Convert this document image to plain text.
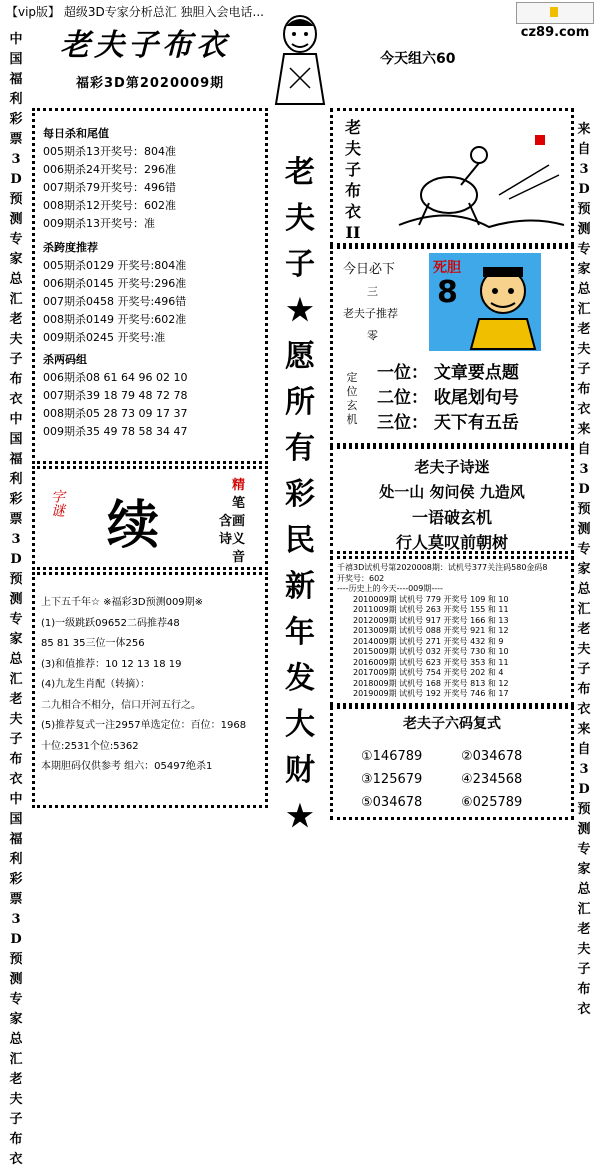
【vip版】 超级3D专家分析总汇 独胆入会电话...
cz89.com
老夫子布衣
福彩3D第2020009期
今天组六60
中国福利彩票3D预测专家总汇老夫子布衣中国福利彩票3D预测专家总汇老夫子布衣中国福利彩票3D预测专家总汇老夫子布衣
来自3D预测专家总汇老夫子布衣来自3D预测专家总汇老夫子布衣来自3D预测专家总汇老夫子布衣
每日杀和尾值
005期杀13开奖号：804准
006期杀24开奖号：296准
007期杀79开奖号：496错
008期杀12开奖号：602准
009期杀13开奖号：准
杀跨度推荐
005期杀0129 开奖号:804准
006期杀0145 开奖号:296准
007期杀0458 开奖号:496错
008期杀0149 开奖号:602准
009期杀0245 开奖号:准
杀两码组
006期杀08 61 64 96 02 10
007期杀39 18 79 48 72 78
008期杀05 28 73 09 17 37
009期杀35 49 78 58 34 47
字谜 续
精
笔
含画
诗义
音
上下五千年☆ ※福彩3D预测009期※
(1)一级跳跃09652二码推荐48
85 81 35三位一体256
(3)和值推荐：10 12 13 18 19
(4)九龙生肖配（转摘）：
二九相合不相分，信口开河五行之。
(5)推荐复式一注2957单选定位：百位：1968
十位:2531个位:5362
本期胆码仅供参考 组六：05497绝杀1
老
夫
子
★
愿
所
有
彩
民
新
年
发
大
财
★
老
夫
子
布
衣
II
今日必下
三
老夫子推荐
零
死胆
8
定
位
玄
机
一位： 文章要点题
二位： 收尾划句号
三位： 天下有五岳
老夫子诗迷
处一山 匆问侯 九造风
一语破玄机
行人莫叹前朝树
千禧3D试机号第2020008期：试机号377关注码580金码8
开奖号：602
----历史上的今天----009期----
2010009期 试机号 779 开奖号 109 和 10
2011009期 试机号 263 开奖号 155 和 11
2012009期 试机号 917 开奖号 166 和 13
2013009期 试机号 088 开奖号 921 和 12
2014009期 试机号 271 开奖号 432 和 9
2015009期 试机号 032 开奖号 730 和 10
2016009期 试机号 623 开奖号 353 和 11
2017009期 试机号 754 开奖号 202 和 4
2018009期 试机号 168 开奖号 813 和 12
2019009期 试机号 192 开奖号 746 和 17
老夫子六码复式
①146789	②034678
③125679	④234568
⑤034678	⑥025789
